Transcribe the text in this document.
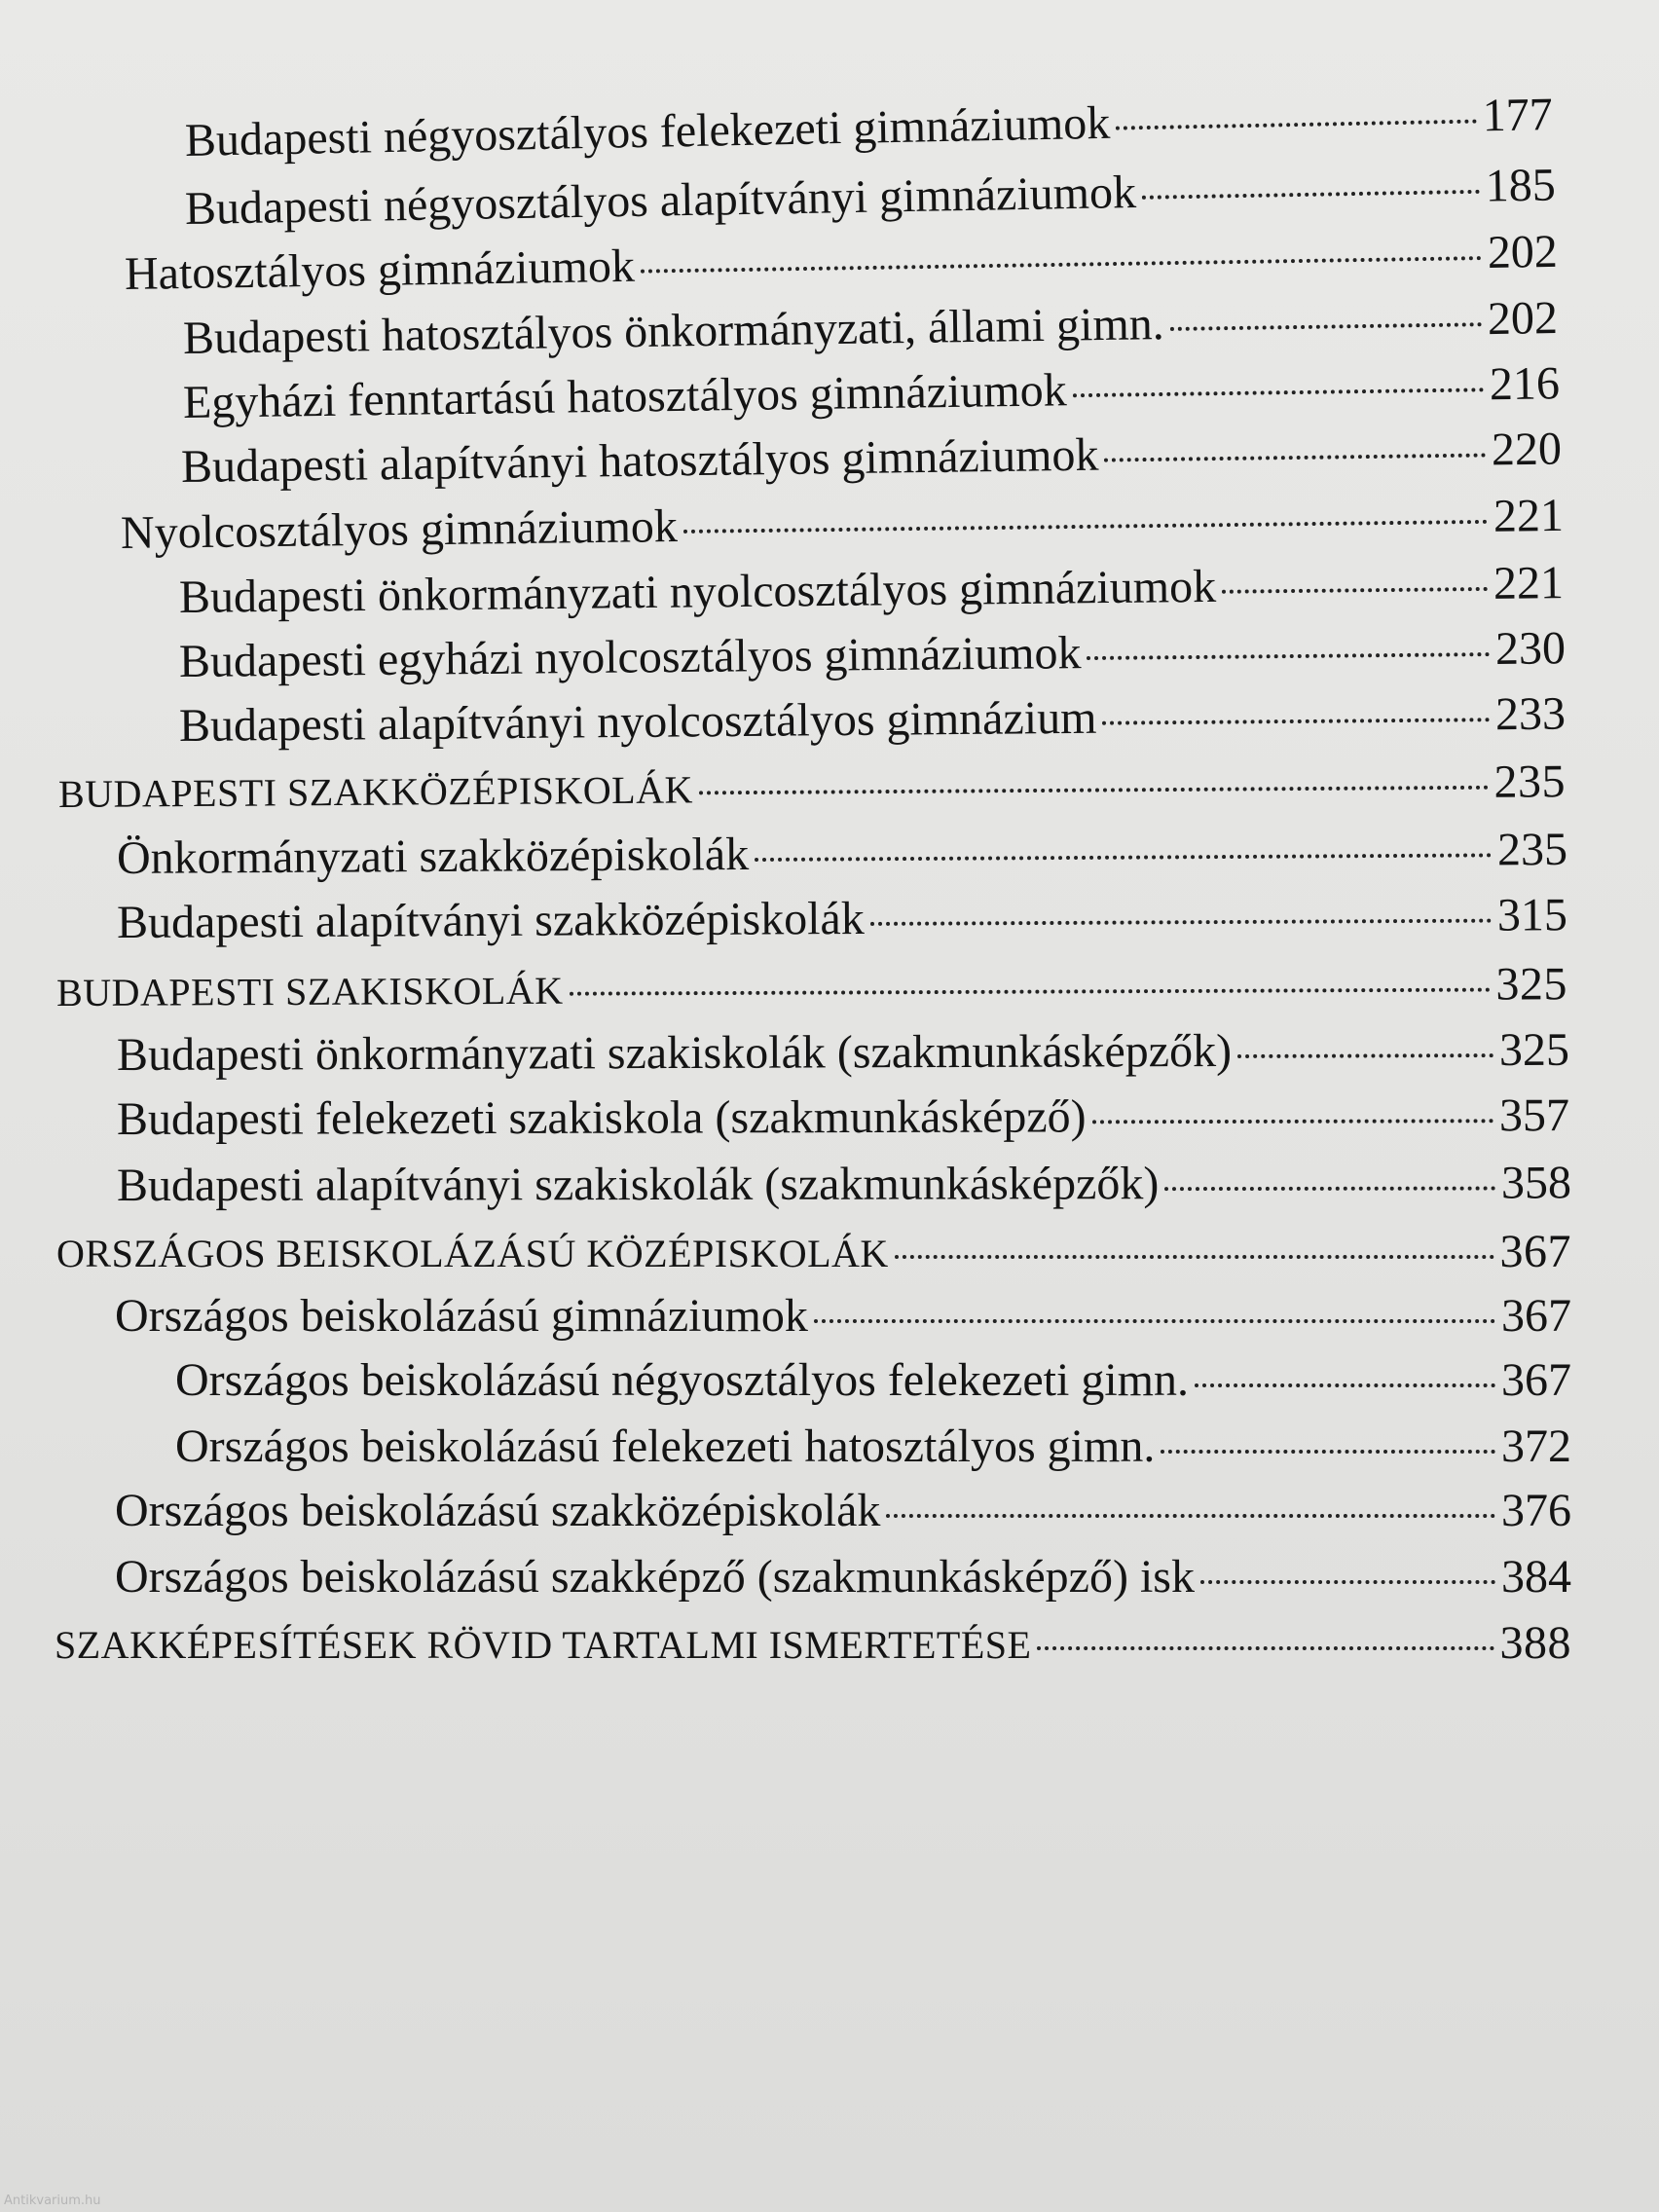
Budapesti négyosztályos felekezeti gimnáziumok	177
Budapesti négyosztályos alapítványi gimnáziumok	185
Hatosztályos gimnáziumok	202
Budapesti hatosztályos önkormányzati, állami gimn.	202
Egyházi fenntartású hatosztályos gimnáziumok	216
Budapesti alapítványi hatosztályos gimnáziumok	220
Nyolcosztályos gimnáziumok	221
Budapesti önkormányzati nyolcosztályos gimnáziumok	221
Budapesti egyházi nyolcosztályos gimnáziumok	230
Budapesti alapítványi nyolcosztályos gimnázium	233
BUDAPESTI SZAKKÖZÉPISKOLÁK	235
Önkormányzati szakközépiskolák	235
Budapesti alapítványi szakközépiskolák	315
BUDAPESTI SZAKISKOLÁK	325
Budapesti önkormányzati szakiskolák (szakmunkásképzők)	325
Budapesti felekezeti szakiskola (szakmunkásképző)	357
Budapesti alapítványi szakiskolák (szakmunkásképzők)	358
ORSZÁGOS BEISKOLÁZÁSÚ KÖZÉPISKOLÁK	367
Országos beiskolázású gimnáziumok	367
Országos beiskolázású négyosztályos felekezeti gimn.	367
Országos beiskolázású felekezeti hatosztályos gimn.	372
Országos beiskolázású szakközépiskolák	376
Országos beiskolázású szakképző (szakmunkásképző) isk	384
SZAKKÉPESÍTÉSEK RÖVID TARTALMI ISMERTETÉSE	388
Antikvarium.hu
